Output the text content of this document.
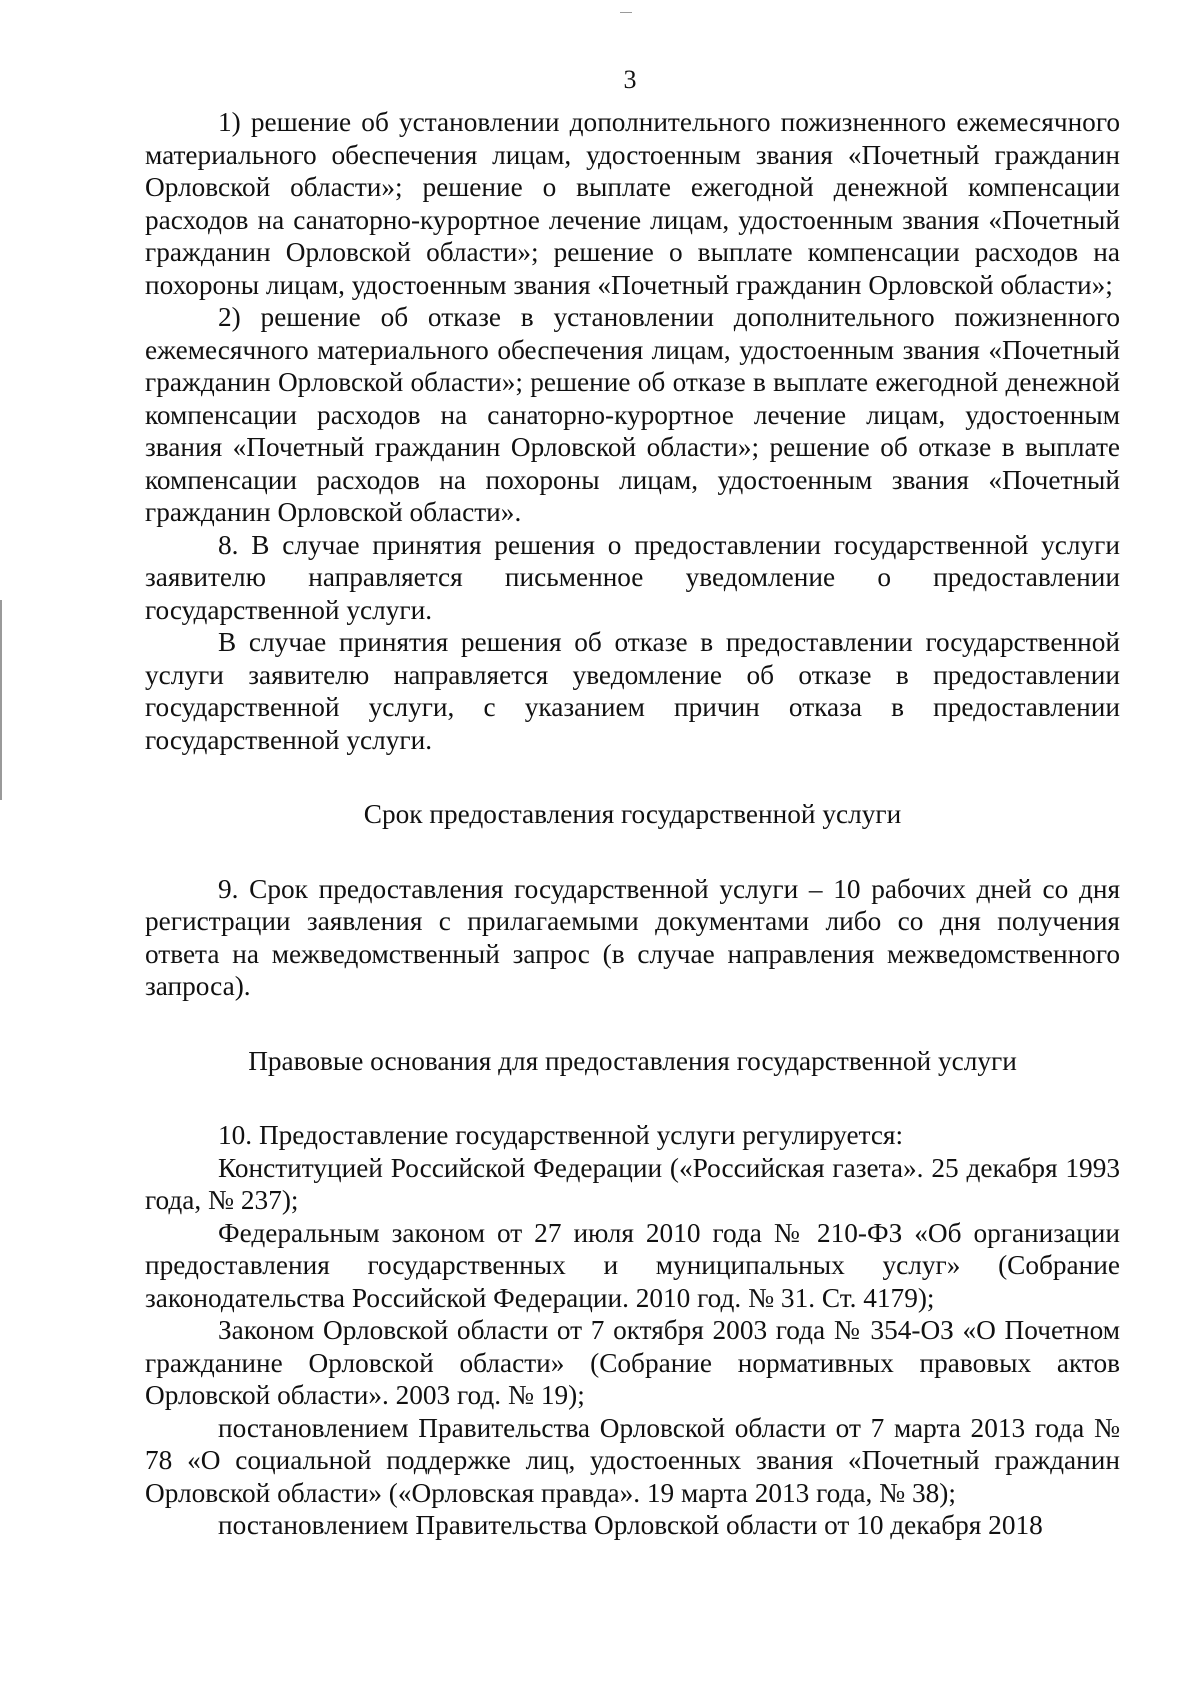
3

1) решение об установлении дополнительного пожизненного ежемесячного материального обеспечения лицам, удостоенным звания «Почетный гражданин Орловской области»; решение о выплате ежегодной денежной компенсации расходов на санаторно-курортное лечение лицам, удостоенным звания «Почетный гражданин Орловской области»; решение о выплате компенсации расходов на похороны лицам, удостоенным звания «Почетный гражданин Орловской области»;

2) решение об отказе в установлении дополнительного пожизненного ежемесячного материального обеспечения лицам, удостоенным звания «Почетный гражданин Орловской области»; решение об отказе в выплате ежегодной денежной компенсации расходов на санаторно-курортное лечение лицам, удостоенным звания «Почетный гражданин Орловской области»; решение об отказе в выплате компенсации расходов на похороны лицам, удостоенным звания «Почетный гражданин Орловской области».

8. В случае принятия решения о предоставлении государственной услуги заявителю направляется письменное уведомление о предоставлении государственной услуги.

В случае принятия решения об отказе в предоставлении государственной услуги заявителю направляется уведомление об отказе в предоставлении государственной услуги, с указанием причин отказа в предоставлении государственной услуги.

Срок предоставления государственной услуги

9. Срок предоставления государственной услуги – 10 рабочих дней со дня регистрации заявления с прилагаемыми документами либо со дня получения ответа на межведомственный запрос (в случае направления межведомственного запроса).

Правовые основания для предоставления государственной услуги

10. Предоставление государственной услуги регулируется:

Конституцией Российской Федерации («Российская газета». 25 декабря 1993 года, № 237);

Федеральным законом от 27 июля 2010 года № 210-ФЗ «Об организации предоставления государственных и муниципальных услуг» (Собрание законодательства Российской Федерации. 2010 год. № 31. Ст. 4179);

Законом Орловской области от 7 октября 2003 года № 354-ОЗ «О Почетном гражданине Орловской области» (Собрание нормативных правовых актов Орловской области». 2003 год. № 19);

постановлением Правительства Орловской области от 7 марта 2013 года № 78 «О социальной поддержке лиц, удостоенных звания «Почетный гражданин Орловской области» («Орловская правда». 19 марта 2013 года, № 38);

постановлением Правительства Орловской области от 10 декабря 2018
